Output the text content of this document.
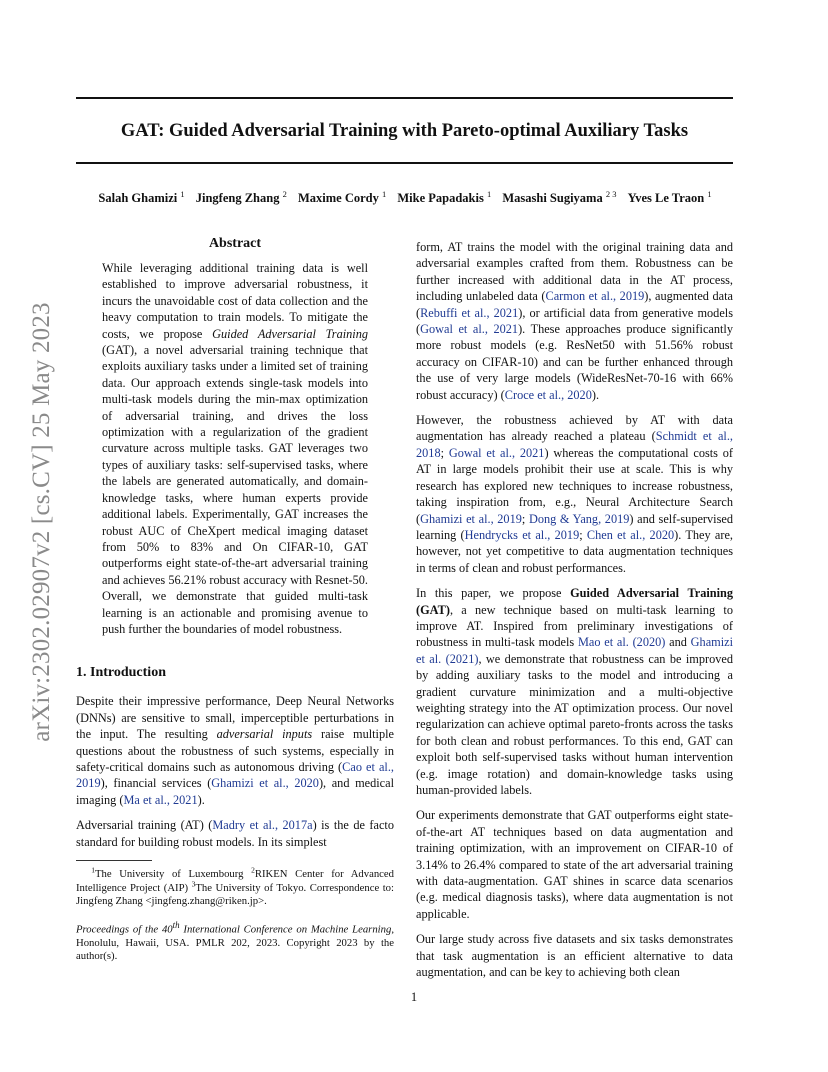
GAT: Guided Adversarial Training with Pareto-optimal Auxiliary Tasks
Salah Ghamizi $^1$ Jingfeng Zhang $^2$ Maxime Cordy $^1$ Mike Papadakis $^1$ Masashi Sugiyama $^{2 3}$ Yves Le Traon $^1$
arXiv:2302.02907v2 [cs.CV] 25 May 2023
Abstract

While leveraging additional training data is well established to improve adversarial robustness, it incurs the unavoidable cost of data collection and the heavy computation to train models. To mitigate the costs, we propose Guided Adversarial Training (GAT), a novel adversarial training technique that exploits auxiliary tasks under a limited set of training data. Our approach extends single-task models into multi-task models during the min-max optimization of adversarial training, and drives the loss optimization with a regularization of the gradient curvature across multiple tasks. GAT leverages two types of auxiliary tasks: self-supervised tasks, where the labels are generated automatically, and domain-knowledge tasks, where human experts provide additional labels. Experimentally, GAT increases the robust AUC of CheXpert medical imaging dataset from 50% to 83% and On CIFAR-10, GAT outperforms eight state-of-the-art adversarial training and achieves 56.21% robust accuracy with Resnet-50. Overall, we demonstrate that guided multi-task learning is an actionable and promising avenue to push further the boundaries of model robustness.

1. Introduction

Despite their impressive performance, Deep Neural Networks (DNNs) are sensitive to small, imperceptible perturbations in the input. The resulting adversarial inputs raise multiple questions about the robustness of such systems, especially in safety-critical domains such as autonomous driving (Cao et al., 2019), financial services (Ghamizi et al., 2020), and medical imaging (Ma et al., 2021).

Adversarial training (AT) (Madry et al., 2017a) is the de facto standard for building robust models. In its simplest

$^1$The University of Luxembourg $^2$RIKEN Center for Advanced Intelligence Project (AIP) $^3$The University of Tokyo. Correspondence to: Jingfeng Zhang <jingfeng.zhang@riken.jp>.
Proceedings of the 40th International Conference on Machine Learning, Honolulu, Hawaii, USA. PMLR 202, 2023. Copyright 2023 by the author(s).

form, AT trains the model with the original training data and adversarial examples crafted from them. Robustness can be further increased with additional data in the AT process, including unlabeled data (Carmon et al., 2019), augmented data (Rebuffi et al., 2021), or artificial data from generative models (Gowal et al., 2021). These approaches produce significantly more robust models (e.g. ResNet50 with 51.56% robust accuracy on CIFAR-10) and can be further enhanced through the use of very large models (WideResNet-70-16 with 66% robust accuracy) (Croce et al., 2020).

However, the robustness achieved by AT with data augmentation has already reached a plateau (Schmidt et al., 2018; Gowal et al., 2021) whereas the computational costs of AT in large models prohibit their use at scale. This is why research has explored new techniques to increase robustness, taking inspiration from, e.g., Neural Architecture Search (Ghamizi et al., 2019; Dong & Yang, 2019) and self-supervised learning (Hendrycks et al., 2019; Chen et al., 2020). They are, however, not yet competitive to data augmentation techniques in terms of clean and robust performances.

In this paper, we propose Guided Adversarial Training (GAT), a new technique based on multi-task learning to improve AT. Inspired from preliminary investigations of robustness in multi-task models Mao et al. (2020) and Ghamizi et al. (2021), we demonstrate that robustness can be improved by adding auxiliary tasks to the model and introducing a gradient curvature minimization and a multi-objective weighting strategy into the AT optimization process. Our novel regularization can achieve optimal pareto-fronts across the tasks for both clean and robust performances. To this end, GAT can exploit both self-supervised tasks without human intervention (e.g. image rotation) and domain-knowledge tasks using human-provided labels.

Our experiments demonstrate that GAT outperforms eight state-of-the-art AT techniques based on data augmentation and training optimization, with an improvement on CIFAR-10 of 3.14% to 26.4% compared to state of the art adversarial training with data-augmentation. GAT shines in scarce data scenarios (e.g. medical diagnosis tasks), where data augmentation is not applicable.

Our large study across five datasets and six tasks demonstrates that task augmentation is an efficient alternative to data augmentation, and can be key to achieving both clean

1
